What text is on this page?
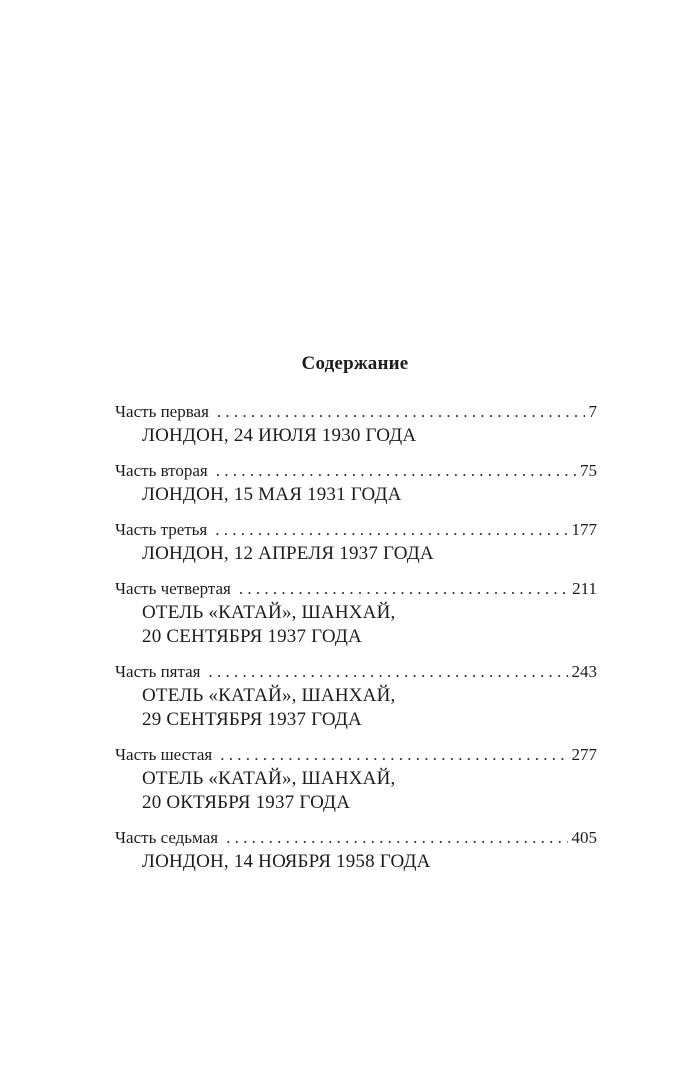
Содержание
Часть первая . . .	7
ЛОНДОН, 24 ИЮЛЯ 1930 ГОДА
Часть вторая . . .	75
ЛОНДОН, 15 МАЯ 1931 ГОДА
Часть третья . . .	177
ЛОНДОН, 12 АПРЕЛЯ 1937 ГОДА
Часть четвертая . . .	211
ОТЕЛЬ «КАТАЙ», ШАНХАЙ,
20 СЕНТЯБРЯ 1937 ГОДА
Часть пятая . . .	243
ОТЕЛЬ «КАТАЙ», ШАНХАЙ,
29 СЕНТЯБРЯ 1937 ГОДА
Часть шестая . . .	277
ОТЕЛЬ «КАТАЙ», ШАНХАЙ,
20 ОКТЯБРЯ 1937 ГОДА
Часть седьмая . . .	405
ЛОНДОН, 14 НОЯБРЯ 1958 ГОДА
